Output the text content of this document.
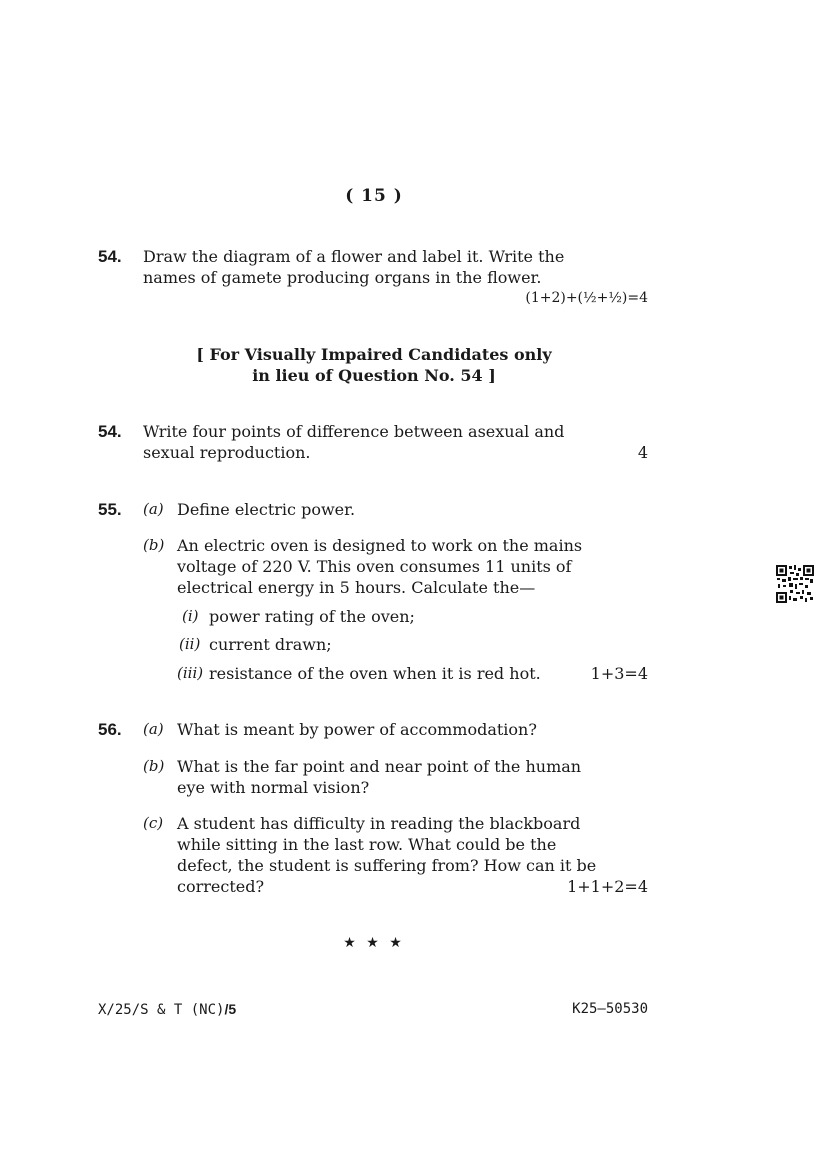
( 15 )
54. Draw the diagram of a flower and label it. Write the
names of gamete producing organs in the flower.
(1+2)+(½+½)=4
[ For Visually Impaired Candidates only
in lieu of Question No. 54 ]
54. Write four points of difference between asexual and
sexual reproduction.	4
55. (a) Define electric power.
(b) An electric oven is designed to work on the mains
voltage of 220 V. This oven consumes 11 units of
electrical energy in 5 hours. Calculate the—
(i) power rating of the oven;
(ii) current drawn;
(iii) resistance of the oven when it is red hot.	1+3=4
56. (a) What is meant by power of accommodation?
(b) What is the far point and near point of the human
eye with normal vision?
(c) A student has difficulty in reading the blackboard
while sitting in the last row. What could be the
defect, the student is suffering from? How can it be
corrected?	1+1+2=4
★ ★ ★
X/25/S & T (NC)/5	K25—50530
